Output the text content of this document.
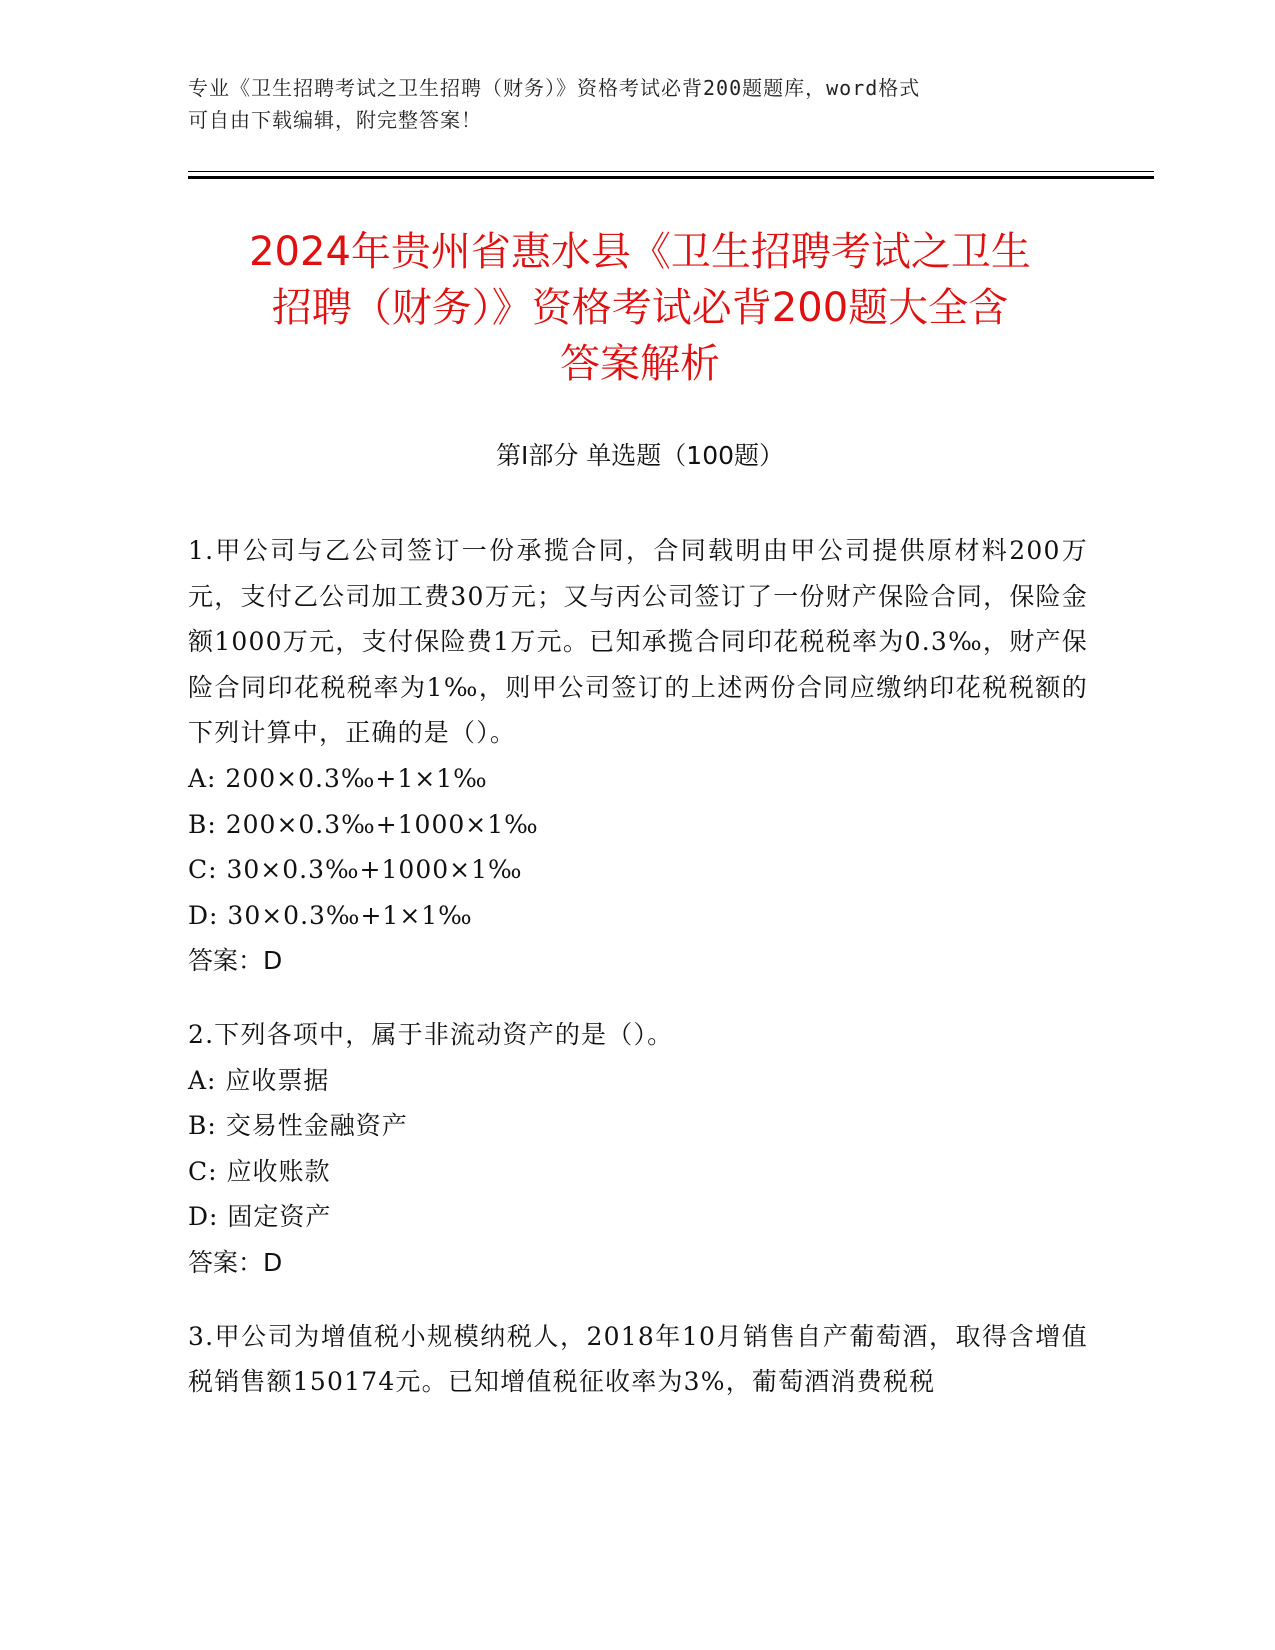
专业《卫生招聘考试之卫生招聘（财务）》资格考试必背200题题库，word格式
可自由下载编辑，附完整答案！
2024年贵州省惠水县《卫生招聘考试之卫生
招聘（财务）》资格考试必背200题大全含
答案解析
第Ⅰ部分 单选题（100题）
1.甲公司与乙公司签订一份承揽合同，合同载明由甲公司提供原材料200万元，支付乙公司加工费30万元；又与丙公司签订了一份财产保险合同，保险金额1000万元，支付保险费1万元。已知承揽合同印花税税率为0.3‰，财产保险合同印花税税率为1‰，则甲公司签订的上述两份合同应缴纳印花税税额的下列计算中，正确的是（）。
A: 200×0.3‰+1×1‰
B: 200×0.3‰+1000×1‰
C: 30×0.3‰+1000×1‰
D: 30×0.3‰+1×1‰
答案：D
2.下列各项中，属于非流动资产的是（）。
A: 应收票据
B: 交易性金融资产
C: 应收账款
D: 固定资产
答案：D
3.甲公司为增值税小规模纳税人，2018年10月销售自产葡萄酒，取得含增值税销售额150174元。已知增值税征收率为3%，葡萄酒消费税税
